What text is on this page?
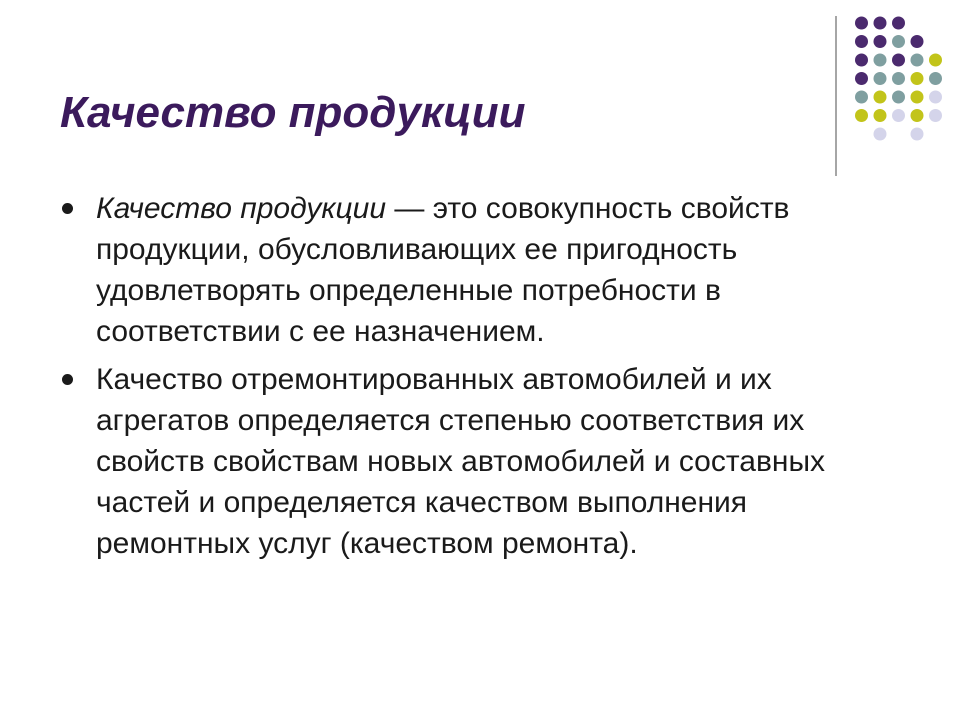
Качество продукции
Качество продукции — это совокупность свойств продукции, обусловливающих ее пригодность удовлетворять определенные потребности в соответствии с ее назначением.
Качество отремонтированных автомобилей и их агрегатов определяется степенью соответствия их свойств свойствам новых автомобилей и составных частей и определяется качеством выполнения ремонтных услуг (качеством ремонта).
